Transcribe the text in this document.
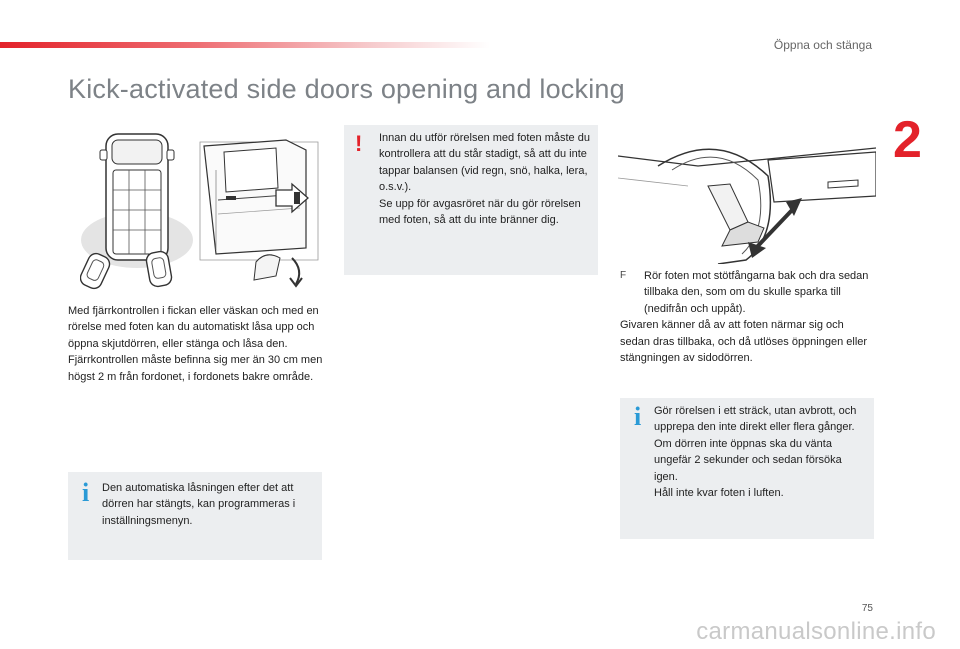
Öppna och stänga
2
Kick-activated side doors opening and locking

Med fjärrkontrollen i fickan eller väskan och med en rörelse med foten kan du automatiskt låsa upp och öppna skjutdörren, eller stänga och låsa den.

Fjärrkontrollen måste befinna sig mer än 30 cm men högst 2 m från fordonet, i fordonets bakre område.

i Den automatiska låsningen efter det att dörren har stängts, kan programmeras i inställningsmenyn.

! Innan du utför rörelsen med foten måste du kontrollera att du står stadigt, så att du inte tappar balansen (vid regn, snö, halka, lera, o.s.v.).

Se upp för avgasröret när du gör rörelsen med foten, så att du inte bränner dig.

F	Rör foten mot stötfångarna bak och dra sedan tillbaka den, som om du skulle sparka till (nedifrån och uppåt).

Givaren känner då av att foten närmar sig och sedan dras tillbaka, och då utlöses öppningen eller stängningen av sidodörren.

i Gör rörelsen i ett sträck, utan avbrott, och upprepa den inte direkt eller flera gånger.

Om dörren inte öppnas ska du vänta ungefär 2 sekunder och sedan försöka igen.

Håll inte kvar foten i luften.

75
carmanualsonline.info
